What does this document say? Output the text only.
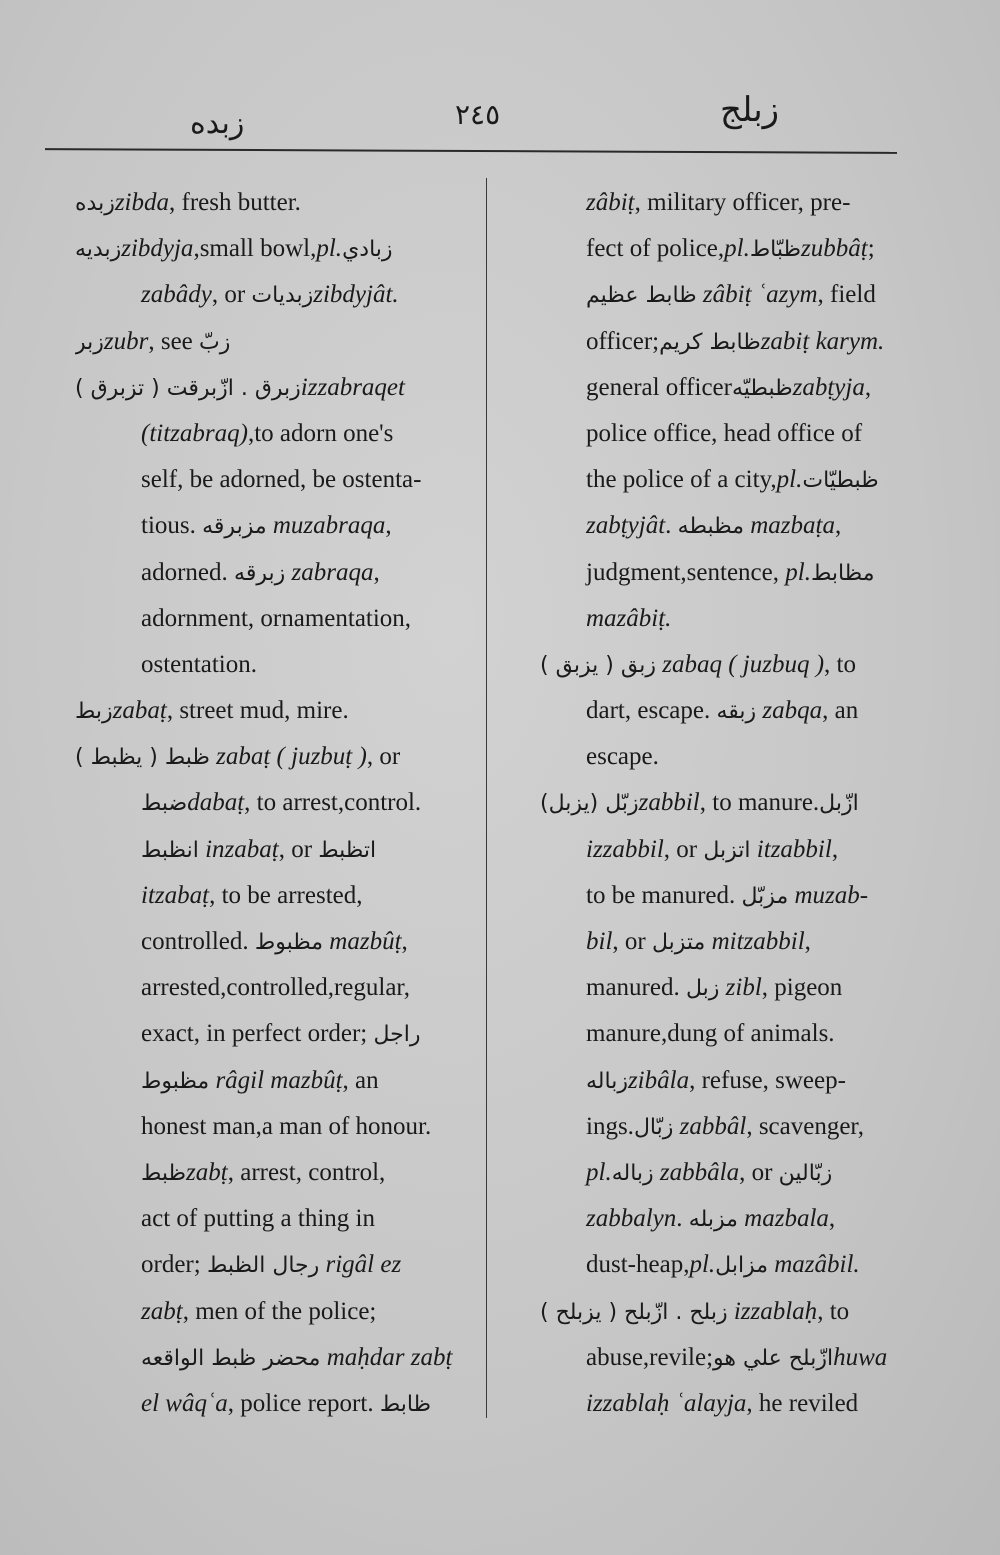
زبده	٢٤٥	زبلج
زبدهzibda, fresh butter.
زبديهzibdyja,small bowl,pl.زبادي
zabâdy, or زبدياتzibdyjât.
زبرzubr, see زبّ
زبرق . ازّبرقت ( تزبرق )izzabraqet
(titzabraq),to adorn one's
self, be adorned, be ostenta-
tious. مزبرقه muzabraqa,
adorned. زبرقه zabraqa,
adornment, ornamentation,
ostentation.
زبطzabaṭ, street mud, mire.
ظبط ( يظبط ) zabaṭ ( juzbuṭ ), or
ضبطdabaṭ, to arrest,control.
انظبط inzabaṭ, or اتظبط
itzabaṭ, to be arrested,
controlled. مظبوط mazbûṭ,
arrested,controlled,regular,
exact, in perfect order; راجل
مظبوط râgil mazbûṭ, an
honest man,a man of honour.
ظبطzabṭ, arrest, control,
act of putting a thing in
order; رجال الظبط rigâl ez
zabṭ, men of the police;
محضر ظبط الواقعه maḥdar zabṭ
el wâqʿa, police report. ظابط
zâbiṭ, military officer, pre-
fect of police,pl.ظبّاطzubbâṭ;
ظابط عظيم zâbiṭ ʿazym, field
officer;ظابط كريمzabiṭ karym.
general officerظبطيّهzabṭyja,
police office, head office of
the police of a city,pl.ظبطيّات
zabṭyjât. مظبطه mazbaṭa,
judgment,sentence, pl.مظابط
mazâbiṭ.
زبق ( يزبق ) zabaq ( juzbuq ), to
dart, escape. زبقه zabqa, an
escape.
زبّل (يزبل)zabbil, to manure.ازّبل
izzabbil, or اتزبل itzabbil,
to be manured. مزبّل muzab-
bil, or متزبل mitzabbil,
manured. زبل zibl, pigeon
manure,dung of animals.
زبالهzibâla, refuse, sweep-
ings.زبّال zabbâl, scavenger,
pl.زباله zabbâla, or زبّالين
zabbalyn. مزبله mazbala,
dust-heap,pl.مزابل mazâbil.
زبلح . ازّبلح ( يزبلح ) izzablaḥ, to
abuse,revile;ازّبلح علي هوhuwa
izzablaḥ ʿalayja, he reviled
